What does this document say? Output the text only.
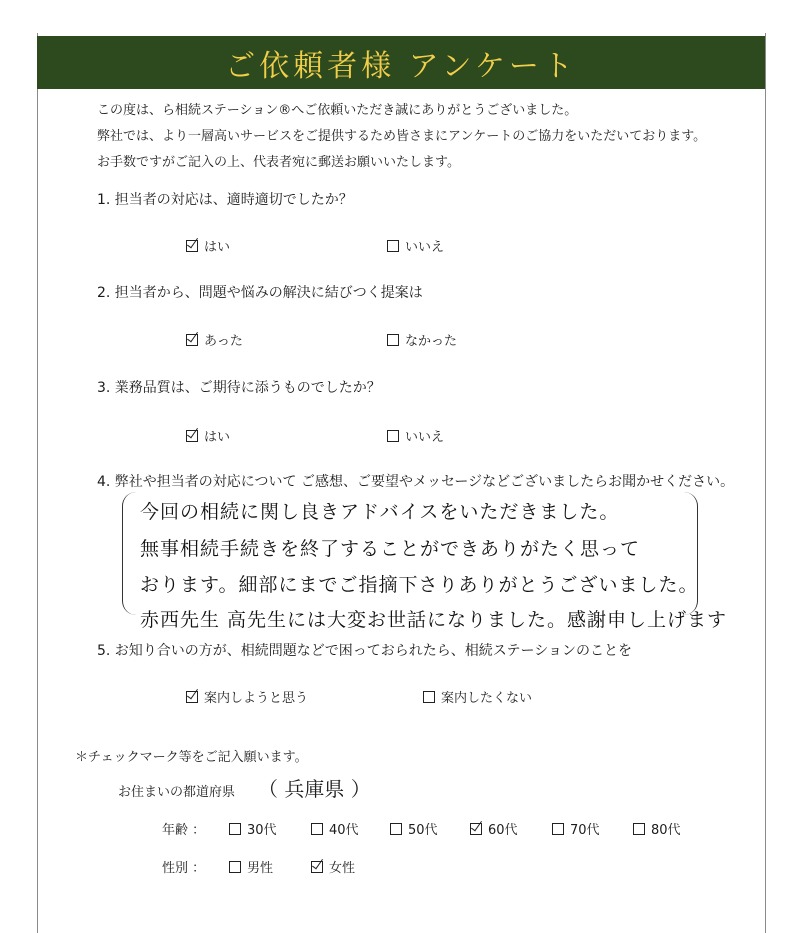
ご依頼者様 アンケート
この度は、ら相続ステーション®へご依頼いただき誠にありがとうございました。
弊社では、より一層高いサービスをご提供するため皆さまにアンケートのご協力をいただいております。
お手数ですがご記入の上、代表者宛に郵送お願いいたします。
1. 担当者の対応は、適時適切でしたか？
はい	いいえ
2. 担当者から、問題や悩みの解決に結びつく提案は
あった	なかった
3. 業務品質は、ご期待に添うものでしたか？
はい	いいえ
4. 弊社や担当者の対応について ご感想、ご要望やメッセージなどございましたらお聞かせください。
今回の相続に関し良きアドバイスをいただきました。
無事相続手続きを終了することができありがたく思って
おります。細部にまでご指摘下さりありがとうございました。
赤西先生 高先生には大変お世話になりました。感謝申し上げます
5. お知り合いの方が、相続問題などで困っておられたら、相続ステーションのことを
案内しようと思う	案内したくない
＊チェックマーク等をご記入願います。
お住まいの都道府県 （ 兵庫県 ）
年齢 ：	30代	40代	50代	60代	70代	80代
性別 ：	男性	女性
